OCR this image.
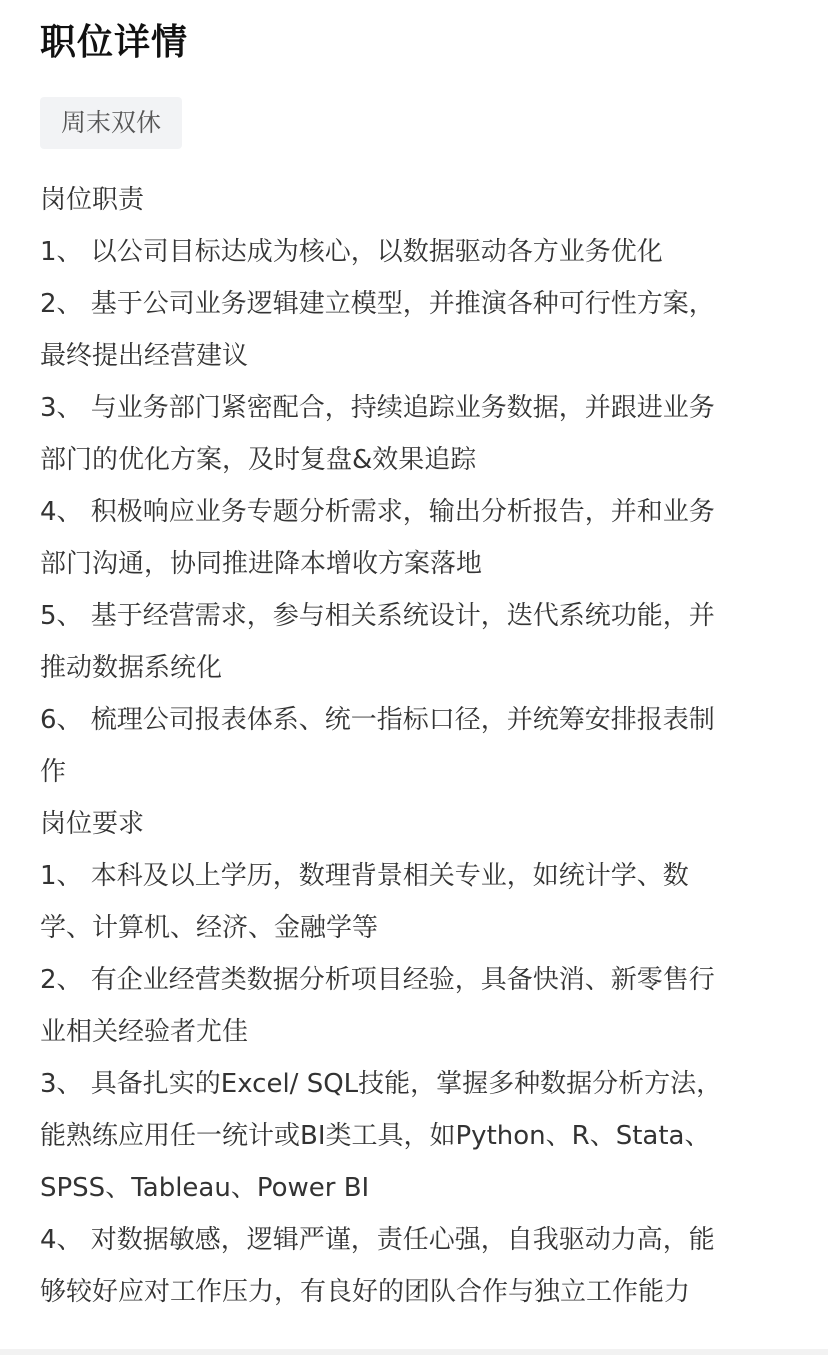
职位详情
周末双休
岗位职责
1、 以公司目标达成为核心，以数据驱动各方业务优化
2、 基于公司业务逻辑建立模型，并推演各种可行性方案，
最终提出经营建议
3、 与业务部门紧密配合，持续追踪业务数据，并跟进业务
部门的优化方案，及时复盘&效果追踪
4、 积极响应业务专题分析需求，输出分析报告，并和业务
部门沟通，协同推进降本增收方案落地
5、 基于经营需求，参与相关系统设计，迭代系统功能，并
推动数据系统化
6、 梳理公司报表体系、统一指标口径，并统筹安排报表制
作
岗位要求
1、 本科及以上学历，数理背景相关专业，如统计学、数
学、计算机、经济、金融学等
2、 有企业经营类数据分析项目经验，具备快消、新零售行
业相关经验者尤佳
3、 具备扎实的Excel/ SQL技能，掌握多种数据分析方法，
能熟练应用任一统计或BI类工具，如Python、R、Stata、
SPSS、Tableau、Power BI
4、 对数据敏感，逻辑严谨，责任心强，自我驱动力高，能
够较好应对工作压力，有良好的团队合作与独立工作能力
